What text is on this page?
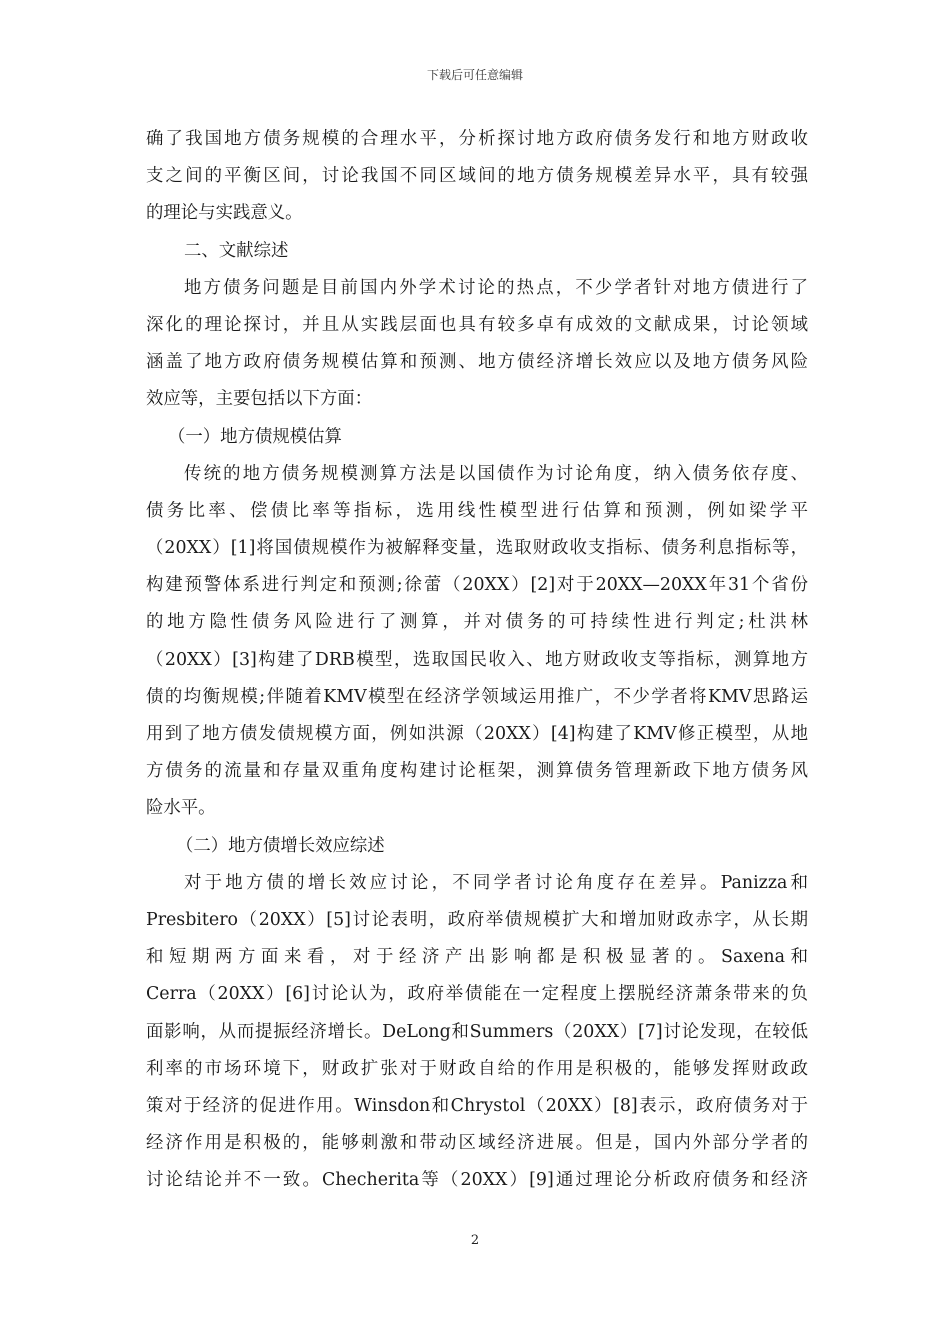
下载后可任意编辑
确了我国地方债务规模的合理水平，分析探讨地方政府债务发行和地方财政收
支之间的平衡区间，讨论我国不同区域间的地方债务规模差异水平，具有较强
的理论与实践意义。
二、文献综述
地方债务问题是目前国内外学术讨论的热点，不少学者针对地方债进行了
深化的理论探讨，并且从实践层面也具有较多卓有成效的文献成果，讨论领域
涵盖了地方政府债务规模估算和预测、地方债经济增长效应以及地方债务风险
效应等，主要包括以下方面：
（一）地方债规模估算
传统的地方债务规模测算方法是以国债作为讨论角度，纳入债务依存度、
债务比率、偿债比率等指标，选用线性模型进行估算和预测，例如梁学平
（20XX）[1]将国债规模作为被解释变量，选取财政收支指标、债务利息指标等，
构建预警体系进行判定和预测;徐蕾（20XX）[2]对于20XX—20XX年31个省份
的地方隐性债务风险进行了测算，并对债务的可持续性进行判定;杜洪林
（20XX）[3]构建了DRB模型，选取国民收入、地方财政收支等指标，测算地方
债的均衡规模;伴随着KMV模型在经济学领域运用推广，不少学者将KMV思路运
用到了地方债发债规模方面，例如洪源（20XX）[4]构建了KMV修正模型，从地
方债务的流量和存量双重角度构建讨论框架，测算债务管理新政下地方债务风
险水平。
（二）地方债增长效应综述
对于地方债的增长效应讨论，不同学者讨论角度存在差异。Panizza和
Presbitero（20XX）[5]讨论表明，政府举债规模扩大和增加财政赤字，从长期
和短期两方面来看，对于经济产出影响都是积极显著的。Saxena和
Cerra（20XX）[6]讨论认为，政府举债能在一定程度上摆脱经济萧条带来的负
面影响，从而提振经济增长。DeLong和Summers（20XX）[7]讨论发现，在较低
利率的市场环境下，财政扩张对于财政自给的作用是积极的，能够发挥财政政
策对于经济的促进作用。Winsdon和Chrystol（20XX）[8]表示，政府债务对于
经济作用是积极的，能够刺激和带动区域经济进展。但是，国内外部分学者的
讨论结论并不一致。Checherita等（20XX）[9]通过理论分析政府债务和经济
2
